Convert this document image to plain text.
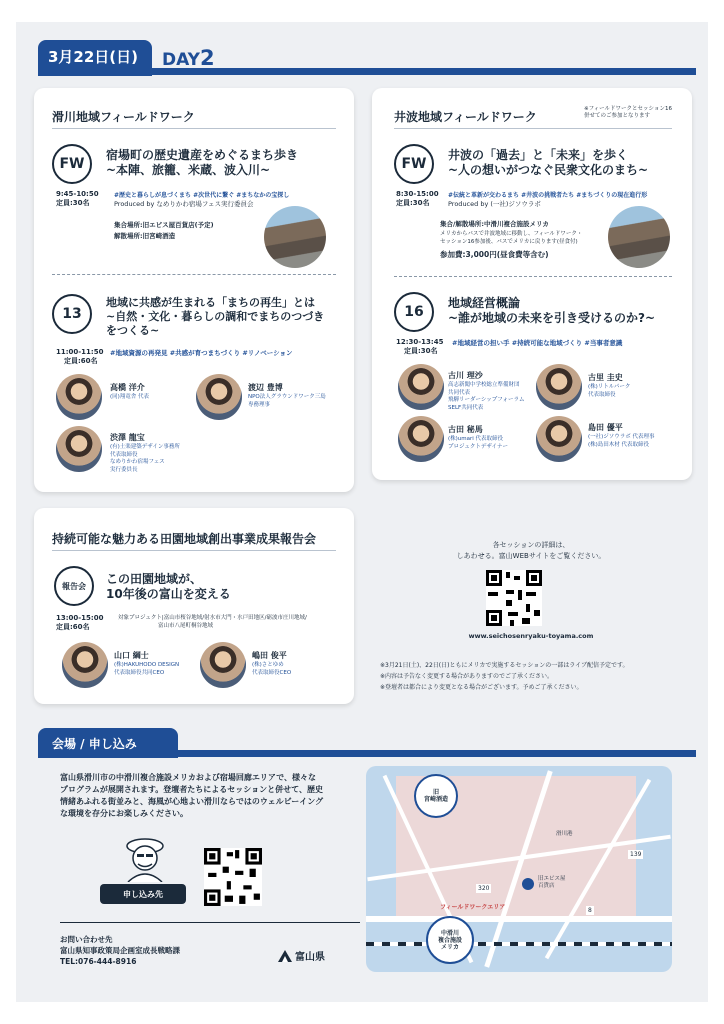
3月22日(日)	DAY2
滑川地域フィールドワーク
FW
宿場町の歴史遺産をめぐるまち歩き
~本陣、旅籠、米蔵、波入川~
9:45-10:50
定員:30名
#歴史と暮らしが息づくまち #次世代に繋ぐ #まちなかの宝探し
Produced by なめりかわ宿場フェス実行委員会
集合場所:旧エビス屋百貨店(予定)
解散場所:旧宮崎酒造
13
地域に共感が生まれる「まちの再生」とは
~自然・文化・暮らしの調和でまちのつづき
をつくる~
11:00-11:50
定員:60名
#地域資源の再発見 #共感が育つまちづくり #リノベーション
高橋 洋介
(同)翔竜舎 代表
渡辺 豊博
NPO法人グラウンドワーク三島
専務理事
渋澤 龍宝
(有)土楽建築デザイン事務所
代表取締役
なめりかわ宿場フェス
実行委員長
井波地域フィールドワーク
※フィールドワークとセッション16
併せてのご参加となります
FW
井波の「過去」と「未来」を歩く
~人の想いがつなぐ民衆文化のまち~
8:30-15:00
定員:30名
#伝統と革新が交わるまち #井波の挑戦者たち #まちづくりの現在進行形
Produced by (一社)ジソウラボ
集合/解散場所:中滑川複合施設メリカ
メリカからバスで井波地域に移動し、フィールドワーク・
セッション16参加後、バスでメリカに戻ります(昼食付)
参加費:3,000円(昼食費等含む)
16
地域経営概論
~誰が地域の未来を引き受けるのか?~
12:30-13:45
定員:30名
#地域経営の担い手 #持続可能な地域づくり #当事者意識
古川 理沙
高志新聞中学校総立準備財団
共同代表
飛騨リーダーシップフォーラム
SELF共同代表
古里 圭史
(株)リトルパーク
代表取締役
古田 秘馬
(株)umari 代表取締役
プロジェクトデザイナー
島田 優平
(一社)ジソウラボ 代表理事
(株)島田木材 代表取締役
持続可能な魅力ある田園地域創出事業成果報告会
報告会 この田園地域が、
10年後の富山を変える
13:00-15:00
定員:60名
対象プロジェクト|富山市桜谷地域/射水市大門・水戸田地区/砺波市庄川地域/
富山市八尾町桐谷地域
山口 綱士
(株)HAKUHODO DESIGN
代表取締役共同CEO
嶋田 俊平
(株)さとゆめ
代表取締役CEO
各セッションの詳細は、
しあわせる。富山WEBサイトをご覧ください。
www.seichosenryaku-toyama.com
※3月21日(土)、22日(日)ともにメリカで実施するセッションの一部はライブ配信予定です。
※内容は予告なく変更する場合がありますのでご了承ください。
※登壇者は都合により変更となる場合がございます。予めご了承ください。
会場 / 申し込み
富山県滑川市の中滑川複合施設メリカおよび宿場回廊エリアで、様々な
プログラムが展開されます。登壇者たちによるセッションと併せて、歴史
情緒あふれる街並みと、海風が心地よい滑川ならではのウェルビーイング
な環境を存分にお楽しみください。
申し込み先
お問い合わせ先
富山県知事政策局企画室成長戦略課
TEL:076-444-8916	富山県
旧
宮崎酒造
中滑川
複合施設
メリカ
フィールドワークエリア
旧エビス屋
百貨店
139
320
8
滑川港
